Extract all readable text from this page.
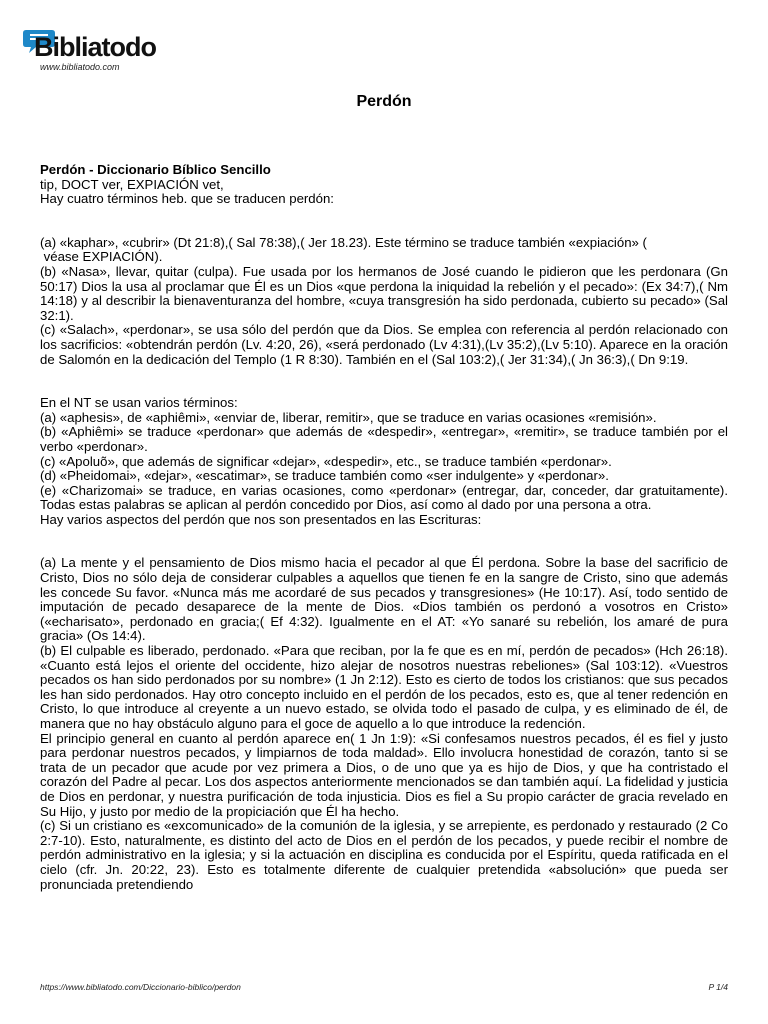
Bibliatodo
www.bibliatodo.com
Perdón
Perdón - Diccionario Bíblico Sencillo
tip, DOCT ver, EXPIACIÓN vet,
Hay cuatro términos heb. que se traducen perdón:
(a) «kaphar», «cubrir» (Dt 21:8),( Sal 78:38),( Jer 18.23). Este término se traduce también «expiación» (
véase EXPIACIÓN).
(b) «Nasa», llevar, quitar (culpa). Fue usada por los hermanos de José cuando le pidieron que les perdonara (Gn 50:17) Dios la usa al proclamar que Él es un Dios «que perdona la iniquidad la rebelión y el pecado»: (Ex 34:7),( Nm 14:18) y al describir la bienaventuranza del hombre, «cuya transgresión ha sido perdonada, cubierto su pecado» (Sal 32:1).
(c) «Salach», «perdonar», se usa sólo del perdón que da Dios. Se emplea con referencia al perdón relacionado con los sacrificios: «obtendrán perdón (Lv. 4:20, 26), «será perdonado (Lv 4:31),(Lv 35:2),(Lv 5:10). Aparece en la oración de Salomón en la dedicación del Templo (1 R 8:30). También en el (Sal 103:2),( Jer 31:34),( Jn 36:3),( Dn 9:19.
En el NT se usan varios términos:
(a) «aphesis», de «aphiêmi», «enviar de, liberar, remitir», que se traduce en varias ocasiones «remisión».
(b) «Aphiêmi» se traduce «perdonar» que además de «despedir», «entregar», «remitir», se traduce también por el verbo «perdonar».
(c) «Apoluõ», que además de significar «dejar», «despedir», etc., se traduce también «perdonar».
(d) «Pheidomai», «dejar», «escatimar», se traduce también como «ser indulgente» y «perdonar».
(e) «Charizomai» se traduce, en varias ocasiones, como «perdonar» (entregar, dar, conceder, dar gratuitamente). Todas estas palabras se aplican al perdón concedido por Dios, así como al dado por una persona a otra.
Hay varios aspectos del perdón que nos son presentados en las Escrituras:
(a) La mente y el pensamiento de Dios mismo hacia el pecador al que Él perdona. Sobre la base del sacrificio de Cristo, Dios no sólo deja de considerar culpables a aquellos que tienen fe en la sangre de Cristo, sino que además les concede Su favor. «Nunca más me acordaré de sus pecados y transgresiones» (He 10:17). Así, todo sentido de imputación de pecado desaparece de la mente de Dios. «Dios también os perdonó a vosotros en Cristo» («echarisato», perdonado en gracia;( Ef 4:32). Igualmente en el AT: «Yo sanaré su rebelión, los amaré de pura gracia» (Os 14:4).
(b) El culpable es liberado, perdonado. «Para que reciban, por la fe que es en mí, perdón de pecados» (Hch 26:18). «Cuanto está lejos el oriente del occidente, hizo alejar de nosotros nuestras rebeliones» (Sal 103:12). «Vuestros pecados os han sido perdonados por su nombre» (1 Jn 2:12). Esto es cierto de todos los cristianos: que sus pecados les han sido perdonados. Hay otro concepto incluido en el perdón de los pecados, esto es, que al tener redención en Cristo, lo que introduce al creyente a un nuevo estado, se olvida todo el pasado de culpa, y es eliminado de él, de manera que no hay obstáculo alguno para el goce de aquello a lo que introduce la redención.
El principio general en cuanto al perdón aparece en( 1 Jn 1:9): «Si confesamos nuestros pecados, él es fiel y justo para perdonar nuestros pecados, y limpiarnos de toda maldad». Ello involucra honestidad de corazón, tanto si se trata de un pecador que acude por vez primera a Dios, o de uno que ya es hijo de Dios, y que ha contristado el corazón del Padre al pecar. Los dos aspectos anteriormente mencionados se dan también aquí. La fidelidad y justicia de Dios en perdonar, y nuestra purificación de toda injusticia. Dios es fiel a Su propio carácter de gracia revelado en Su Hijo, y justo por medio de la propiciación que Él ha hecho.
(c) Si un cristiano es «excomunicado» de la comunión de la iglesia, y se arrepiente, es perdonado y restaurado (2 Co 2:7-10). Esto, naturalmente, es distinto del acto de Dios en el perdón de los pecados, y puede recibir el nombre de perdón administrativo en la iglesia; y si la actuación en disciplina es conducida por el Espíritu, queda ratificada en el cielo (cfr. Jn. 20:22, 23). Esto es totalmente diferente de cualquier pretendida «absolución» que pueda ser pronunciada pretendiendo
https://www.bibliatodo.com/Diccionario-biblico/perdon	P 1/4
